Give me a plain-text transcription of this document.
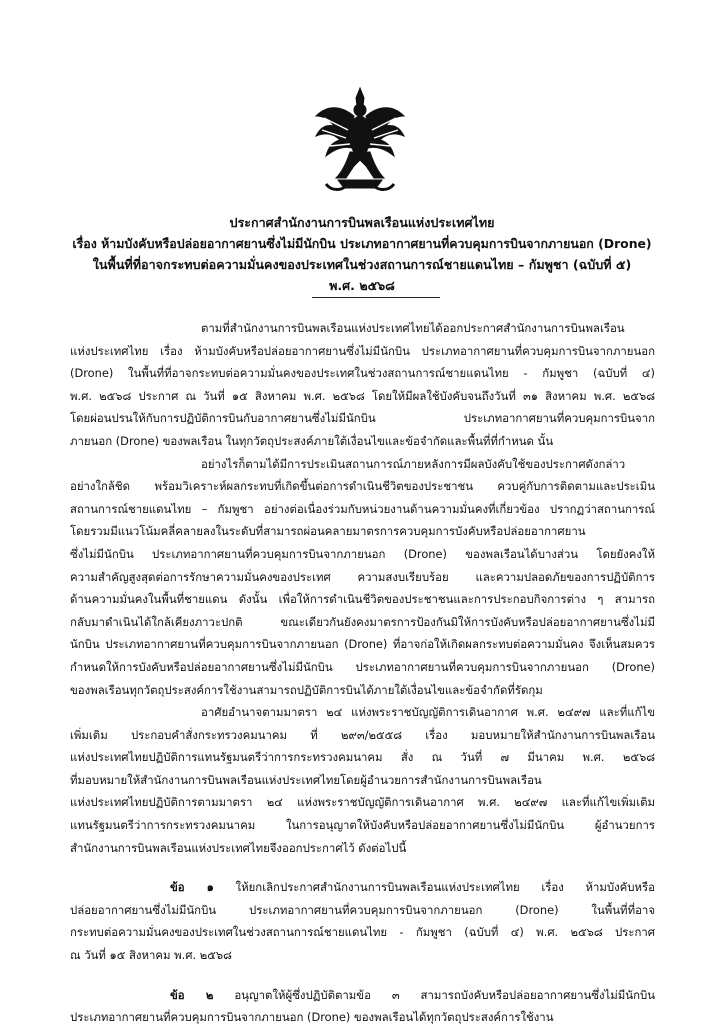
ประกาศสำนักงานการบินพลเรือนแห่งประเทศไทย
เรื่อง ห้ามบังคับหรือปล่อยอากาศยานซึ่งไม่มีนักบิน ประเภทอากาศยานที่ควบคุมการบินจากภายนอก (Drone)
ในพื้นที่ที่อาจกระทบต่อความมั่นคงของประเทศในช่วงสถานการณ์ชายแดนไทย – กัมพูชา (ฉบับที่ ๕)
พ.ศ. ๒๕๖๘
ตามที่สำนักงานการบินพลเรือนแห่งประเทศไทยได้ออกประกาศสำนักงานการบินพลเรือน
แห่งประเทศไทย เรื่อง ห้ามบังคับหรือปล่อยอากาศยานซึ่งไม่มีนักบิน ประเภทอากาศยานที่ควบคุมการบินจากภายนอก
(Drone) ในพื้นที่ที่อาจกระทบต่อความมั่นคงของประเทศในช่วงสถานการณ์ชายแดนไทย - กัมพูชา (ฉบับที่ ๔)
พ.ศ. ๒๕๖๘ ประกาศ ณ วันที่ ๑๕ สิงหาคม พ.ศ. ๒๕๖๘ โดยให้มีผลใช้บังคับจนถึงวันที่ ๓๑ สิงหาคม พ.ศ. ๒๕๖๘
โดยผ่อนปรนให้กับการปฏิบัติการบินกับอากาศยานซึ่งไม่มีนักบิน ประเภทอากาศยานที่ควบคุมการบินจาก
ภายนอก (Drone) ของพลเรือน ในทุกวัตถุประสงค์ภายใต้เงื่อนไขและข้อจำกัดและพื้นที่ที่กำหนด นั้น
อย่างไรก็ตามได้มีการประเมินสถานการณ์ภายหลังการมีผลบังคับใช้ของประกาศดังกล่าว
อย่างใกล้ชิด พร้อมวิเคราะห์ผลกระทบที่เกิดขึ้นต่อการดำเนินชีวิตของประชาชน ควบคู่กับการติดตามและประเมิน
สถานการณ์ชายแดนไทย – กัมพูชา อย่างต่อเนื่องร่วมกับหน่วยงานด้านความมั่นคงที่เกี่ยวข้อง ปรากฏว่าสถานการณ์
โดยรวมมีแนวโน้มคลี่คลายลงในระดับที่สามารถผ่อนคลายมาตรการควบคุมการบังคับหรือปล่อยอากาศยาน
ซึ่งไม่มีนักบิน ประเภทอากาศยานที่ควบคุมการบินจากภายนอก (Drone) ของพลเรือนได้บางส่วน โดยยังคงให้
ความสำคัญสูงสุดต่อการรักษาความมั่นคงของประเทศ ความสงบเรียบร้อย และความปลอดภัยของการปฏิบัติการ
ด้านความมั่นคงในพื้นที่ชายแดน ดังนั้น เพื่อให้การดำเนินชีวิตของประชาชนและการประกอบกิจการต่าง ๆ สามารถ
กลับมาดำเนินได้ใกล้เคียงภาวะปกติ ขณะเดียวกันยังคงมาตรการป้องกันมิให้การบังคับหรือปล่อยอากาศยานซึ่งไม่มี
นักบิน ประเภทอากาศยานที่ควบคุมการบินจากภายนอก (Drone) ที่อาจก่อให้เกิดผลกระทบต่อความมั่นคง จึงเห็นสมควร
กำหนดให้การบังคับหรือปล่อยอากาศยานซึ่งไม่มีนักบิน ประเภทอากาศยานที่ควบคุมการบินจากภายนอก (Drone)
ของพลเรือนทุกวัตถุประสงค์การใช้งานสามารถปฏิบัติการบินได้ภายใต้เงื่อนไขและข้อจำกัดที่รัดกุม
อาศัยอำนาจตามมาตรา ๒๔ แห่งพระราชบัญญัติการเดินอากาศ พ.ศ. ๒๔๙๗ และที่แก้ไข
เพิ่มเติม ประกอบคำสั่งกระทรวงคมนาคม ที่ ๒๙๓/๒๕๕๘ เรื่อง มอบหมายให้สำนักงานการบินพลเรือน
แห่งประเทศไทยปฏิบัติการแทนรัฐมนตรีว่าการกระทรวงคมนาคม สั่ง ณ วันที่ ๗ มีนาคม พ.ศ. ๒๕๖๘
ที่มอบหมายให้สำนักงานการบินพลเรือนแห่งประเทศไทยโดยผู้อำนวยการสำนักงานการบินพลเรือน
แห่งประเทศไทยปฏิบัติการตามมาตรา ๒๔ แห่งพระราชบัญญัติการเดินอากาศ พ.ศ. ๒๔๙๗ และที่แก้ไขเพิ่มเติม
แทนรัฐมนตรีว่าการกระทรวงคมนาคม ในการอนุญาตให้บังคับหรือปล่อยอากาศยานซึ่งไม่มีนักบิน ผู้อำนวยการ
สำนักงานการบินพลเรือนแห่งประเทศไทยจึงออกประกาศไว้ ดังต่อไปนี้
ข้อ ๑ ให้ยกเลิกประกาศสำนักงานการบินพลเรือนแห่งประเทศไทย เรื่อง ห้ามบังคับหรือ
ปล่อยอากาศยานซึ่งไม่มีนักบิน ประเภทอากาศยานที่ควบคุมการบินจากภายนอก (Drone) ในพื้นที่ที่อาจ
กระทบต่อความมั่นคงของประเทศในช่วงสถานการณ์ชายแดนไทย - กัมพูชา (ฉบับที่ ๔) พ.ศ. ๒๕๖๘ ประกาศ
ณ วันที่ ๑๕ สิงหาคม พ.ศ. ๒๕๖๘
ข้อ ๒ อนุญาตให้ผู้ซึ่งปฏิบัติตามข้อ ๓ สามารถบังคับหรือปล่อยอากาศยานซึ่งไม่มีนักบิน
ประเภทอากาศยานที่ควบคุมการบินจากภายนอก (Drone) ของพลเรือนได้ทุกวัตถุประสงค์การใช้งาน
